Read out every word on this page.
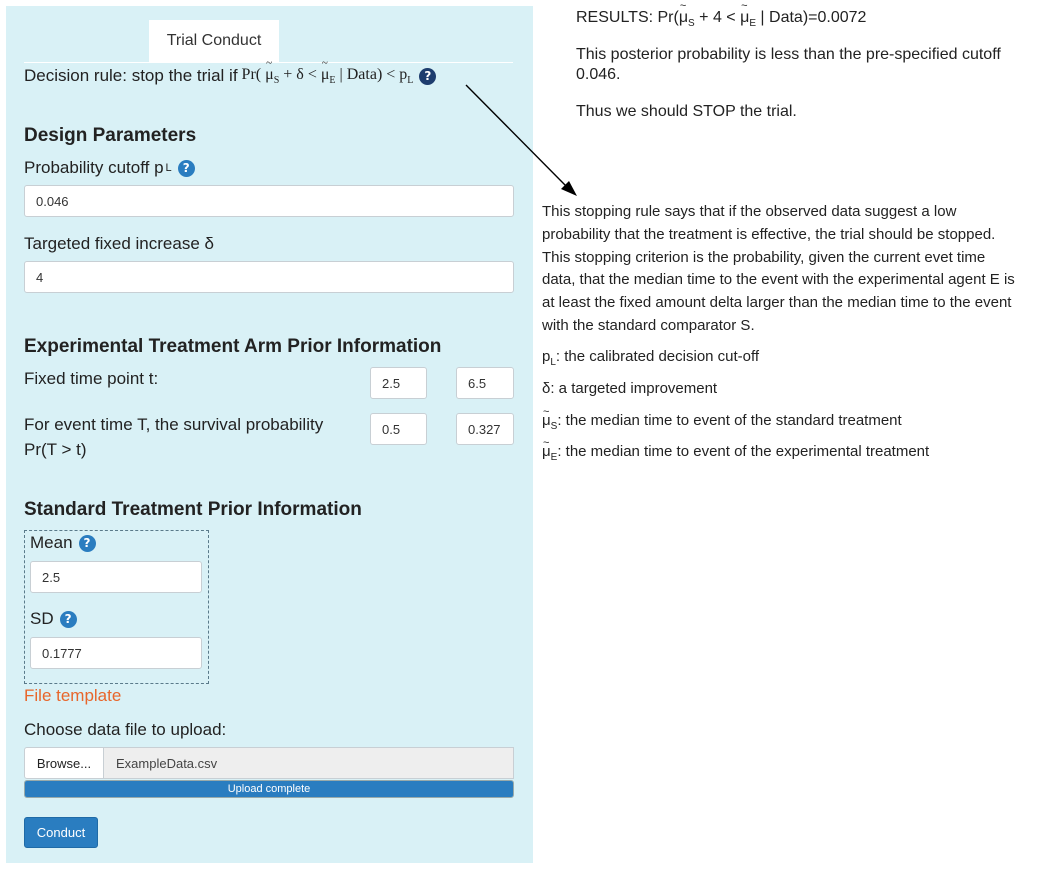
Trial Conduct
Decision rule: stop the trial if Pr( ~ $\mu_S + \delta$ < ~ $\mu_E$ | Data) < $p_L$ ?
Design Parameters
Probability cutoff p L ?
0.046
Targeted fixed increase δ
4
Experimental Treatment Arm Prior Information
Fixed time point t:	2.5	6.5
For event time T, the survival probability
Pr(T > t)
0.5	0.327
Standard Treatment Prior Information
Mean ?
2.5
SD ?
0.1777
File template
Choose data file to upload:
Browse...	ExampleData.csv
Upload complete
Conduct
RESULTS: Pr(~ $\mu_S + 4$ < ~ $\mu_E$ | Data)=0.0072
This posterior probability is less than the pre-specified cutoff
0.046.
Thus we should STOP the trial.
This stopping rule says that if the observed data suggest a low
probability that the treatment is effective, the trial should be stopped.
This stopping criterion is the probability, given the current evet time
data, that the median time to the event with the experimental agent E is
at least the fixed amount delta larger than the median time to the event
with the standard comparator S.
$p_L$: the calibrated decision cut-off
δ: a targeted improvement
~ $\mu_S$: the median time to event of the standard treatment
~ $\mu_E$: the median time to event of the experimental treatment
